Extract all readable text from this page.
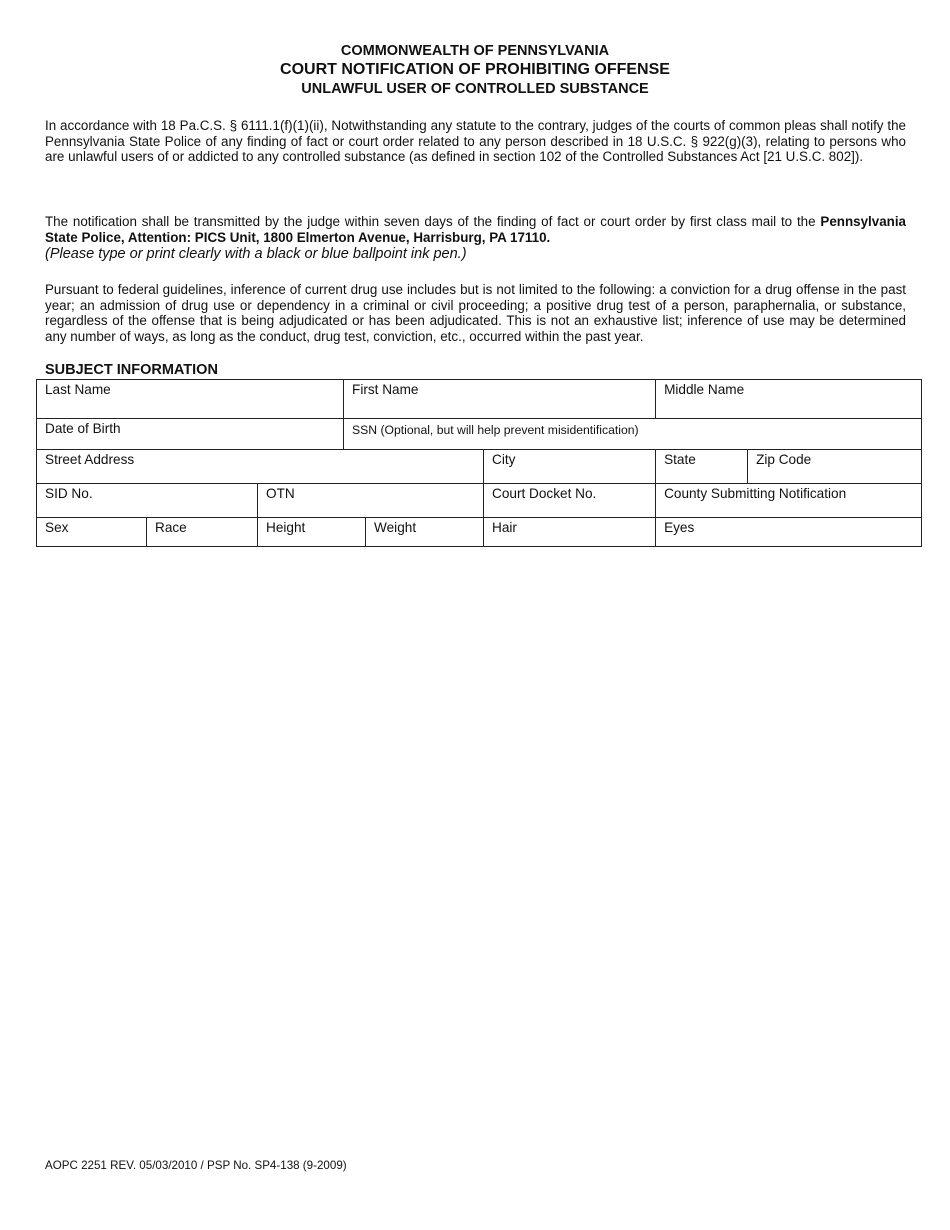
COMMONWEALTH OF PENNSYLVANIA
COURT NOTIFICATION OF PROHIBITING OFFENSE
UNLAWFUL USER OF CONTROLLED SUBSTANCE

In accordance with 18 Pa.C.S. § 6111.1(f)(1)(ii), Notwithstanding any statute to the contrary, judges of the courts of common pleas shall notify the Pennsylvania State Police of any finding of fact or court order related to any person described in 18 U.S.C. § 922(g)(3), relating to persons who are unlawful users of or addicted to any controlled substance (as defined in section 102 of the Controlled Substances Act [21 U.S.C. 802]).

The notification shall be transmitted by the judge within seven days of the finding of fact or court order by first class mail to the Pennsylvania State Police, Attention: PICS Unit, 1800 Elmerton Avenue, Harrisburg, PA 17110.
(Please type or print clearly with a black or blue ballpoint ink pen.)

Pursuant to federal guidelines, inference of current drug use includes but is not limited to the following: a conviction for a drug offense in the past year; an admission of drug use or dependency in a criminal or civil proceeding; a positive drug test of a person, paraphernalia, or substance, regardless of the offense that is being adjudicated or has been adjudicated. This is not an exhaustive list; inference of use may be determined any number of ways, as long as the conduct, drug test, conviction, etc., occurred within the past year.

SUBJECT INFORMATION
Last Name			First Name			Middle Name	
Date of Birth			SSN (Optional, but will help prevent misidentification)				
Street Address					City	State	Zip Code
SID No.		OTN			Court Docket No.	County Submitting Notification	
Sex	Race	Height		Weight	Hair	Eyes	
AOPC 2251 REV. 05/03/2010 / PSP No. SP4-138 (9-2009)
